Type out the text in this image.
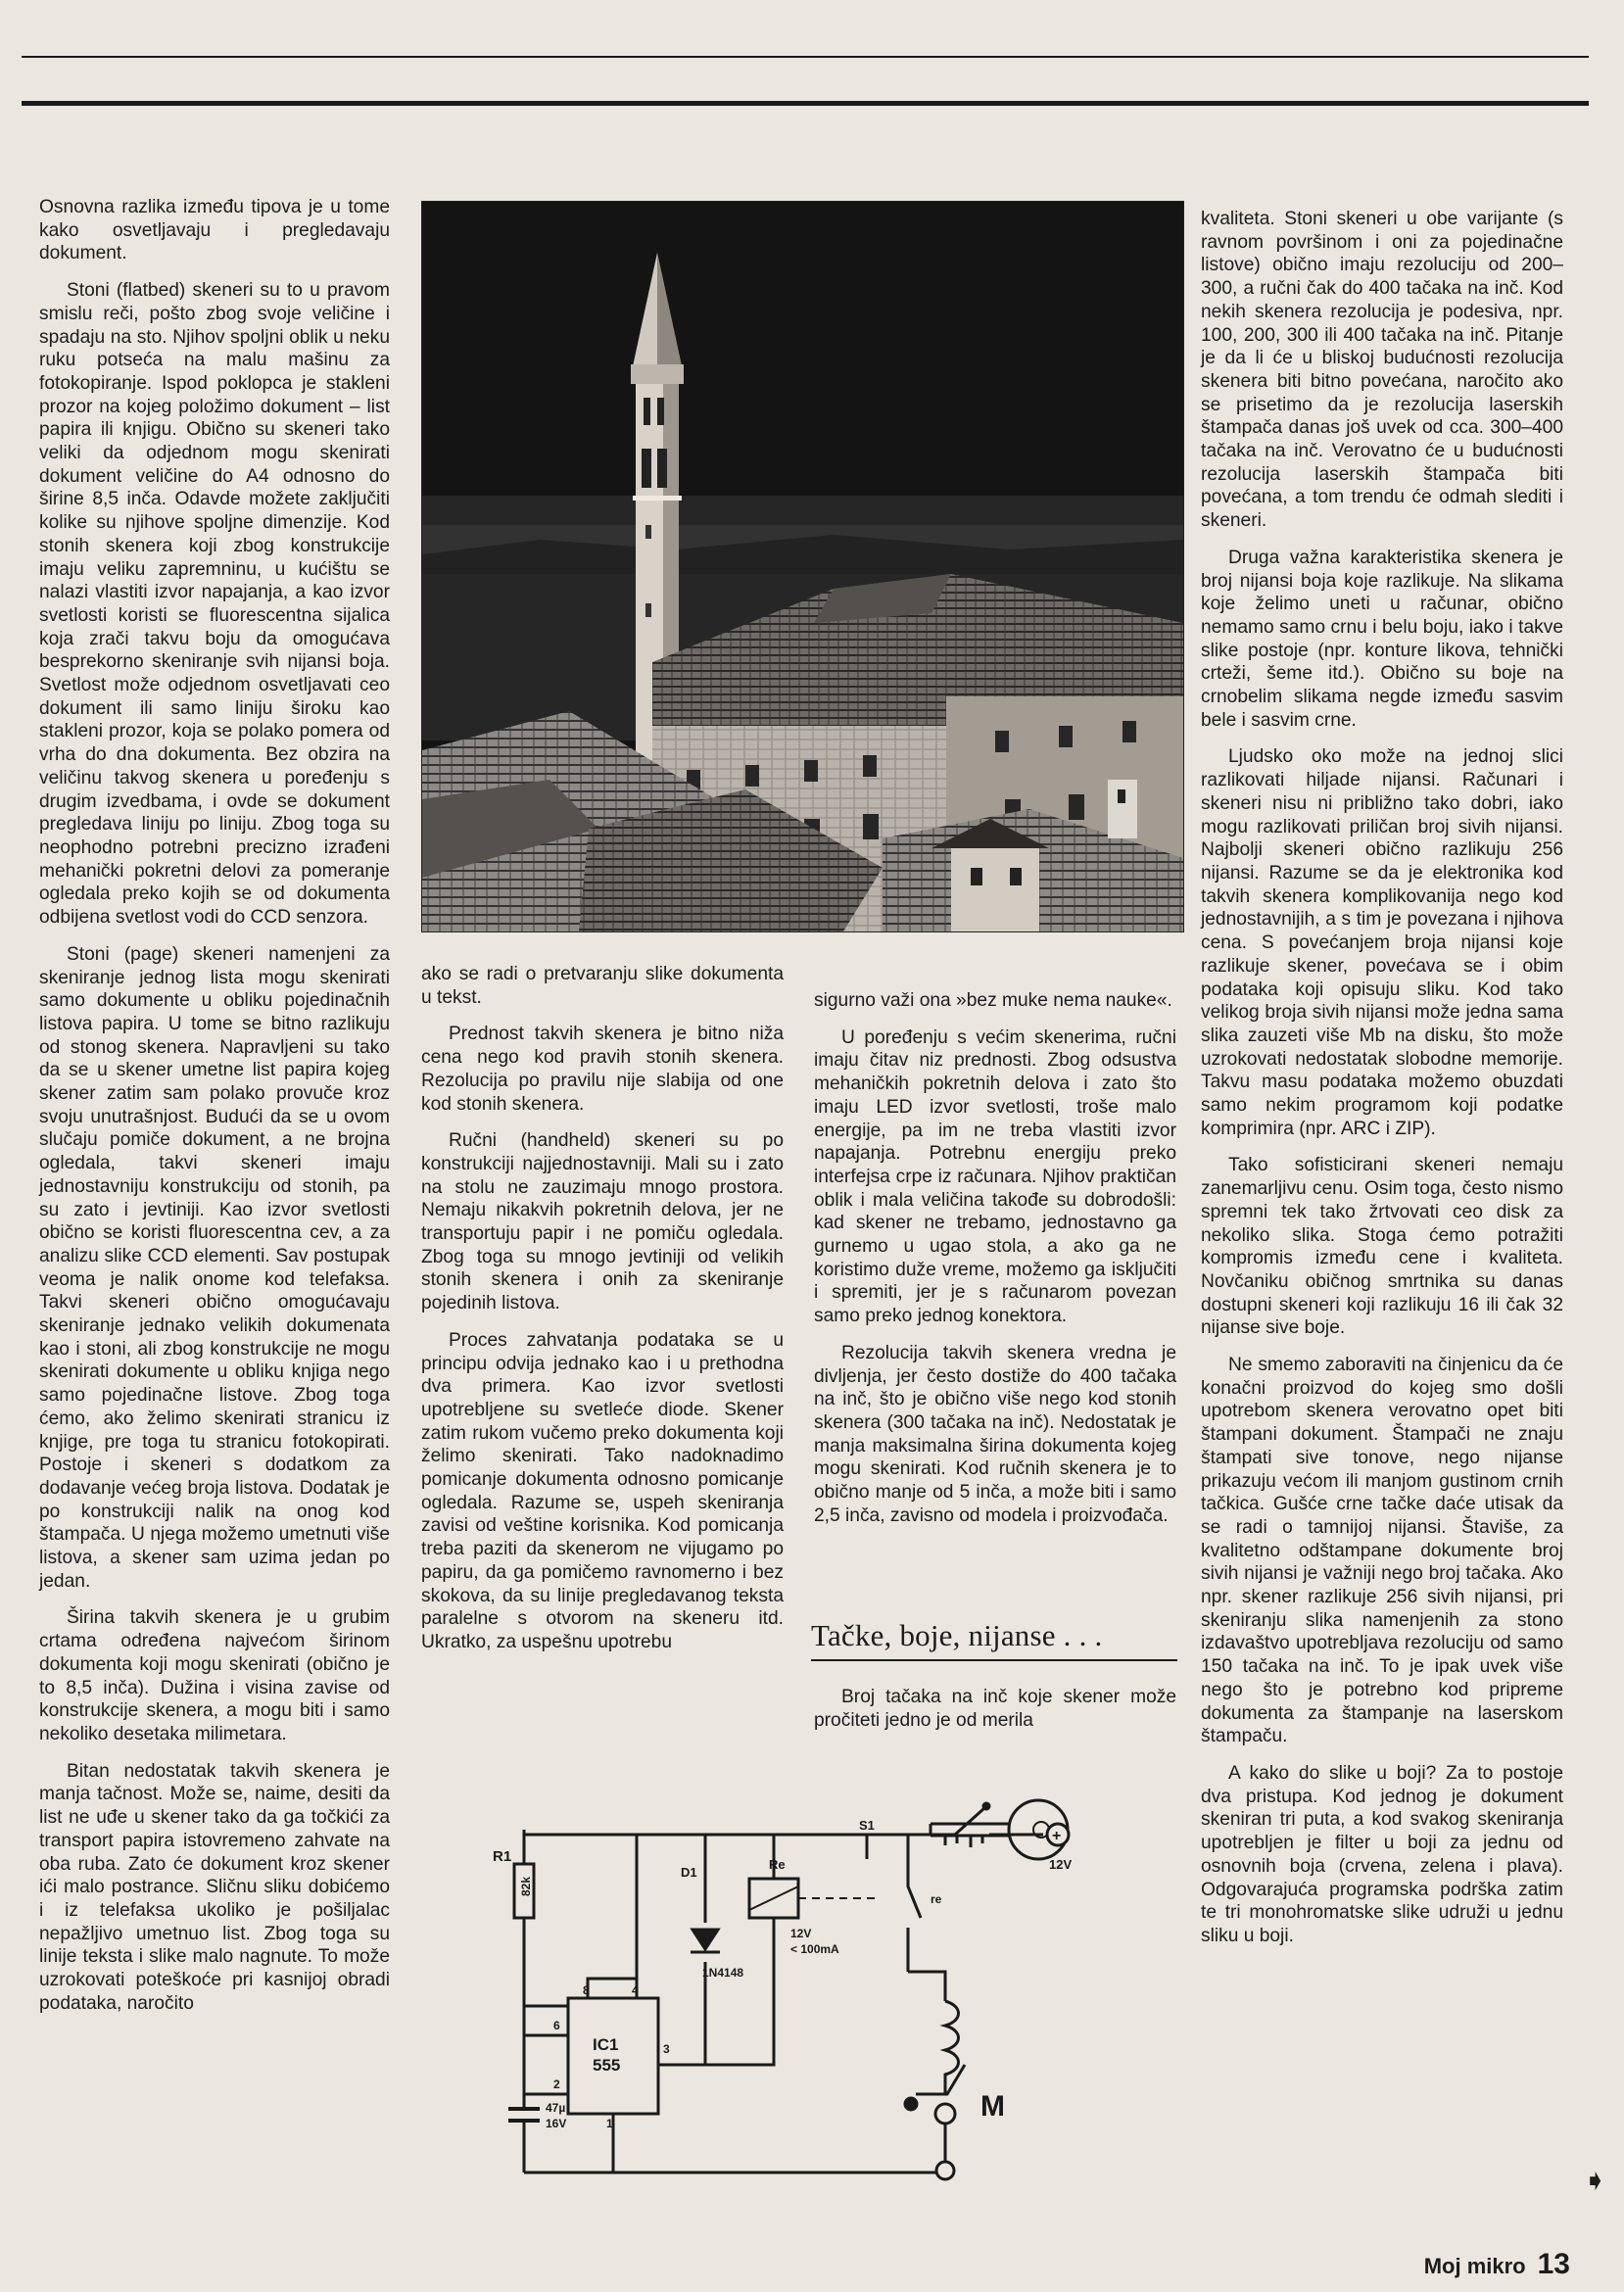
Osnovna razlika između tipova je u tome kako osvetljavaju i pregledavaju dokument.

Stoni (flatbed) skeneri su to u pravom smislu reči, pošto zbog svoje veličine i spadaju na sto. Njihov spoljni oblik u neku ruku potseća na malu mašinu za fotokopiranje. Ispod poklopca je stakleni prozor na kojeg položimo dokument – list papira ili knjigu. Obično su skeneri tako veliki da odjednom mogu skenirati dokument veličine do A4 odnosno do širine 8,5 inča. Odavde možete zaključiti kolike su njihove spoljne dimenzije. Kod stonih skenera koji zbog konstrukcije imaju veliku zapremninu, u kućištu se nalazi vlastiti izvor napajanja, a kao izvor svetlosti koristi se fluorescentna sijalica koja zrači takvu boju da omogućava besprekorno skeniranje svih nijansi boja. Svetlost može odjednom osvetljavati ceo dokument ili samo liniju široku kao stakleni prozor, koja se polako pomera od vrha do dna dokumenta. Bez obzira na veličinu takvog skenera u poređenju s drugim izvedbama, i ovde se dokument pregledava liniju po liniju. Zbog toga su neophodno potrebni precizno izrađeni mehanički pokretni delovi za pomeranje ogledala preko kojih se od dokumenta odbijena svetlost vodi do CCD senzora.

Stoni (page) skeneri namenjeni za skeniranje jednog lista mogu skenirati samo dokumente u obliku pojedinačnih listova papira. U tome se bitno razlikuju od stonog skenera. Napravljeni su tako da se u skener umetne list papira kojeg skener zatim sam polako provuče kroz svoju unutrašnjost. Budući da se u ovom slučaju pomiče dokument, a ne brojna ogledala, takvi skeneri imaju jednostavniju konstrukciju od stonih, pa su zato i jevtiniji. Kao izvor svetlosti obično se koristi fluorescentna cev, a za analizu slike CCD elementi. Sav postupak veoma je nalik onome kod telefaksa. Takvi skeneri obično omogućavaju skeniranje jednako velikih dokumenata kao i stoni, ali zbog konstrukcije ne mogu skenirati dokumente u obliku knjiga nego samo pojedinačne listove. Zbog toga ćemo, ako želimo skenirati stranicu iz knjige, pre toga tu stranicu fotokopirati. Postoje i skeneri s dodatkom za dodavanje većeg broja listova. Dodatak je po konstrukciji nalik na onog kod štampača. U njega možemo umetnuti više listova, a skener sam uzima jedan po jedan.

Širina takvih skenera je u grubim crtama određena najvećom širinom dokumenta koji mogu skenirati (obično je to 8,5 inča). Dužina i visina zavise od konstrukcije skenera, a mogu biti i samo nekoliko desetaka milimetara.

Bitan nedostatak takvih skenera je manja tačnost. Može se, naime, desiti da list ne uđe u skener tako da ga točkići za transport papira istovremeno zahvate na oba ruba. Zato će dokument kroz skener ići malo postrance. Sličnu sliku dobićemo i iz telefaksa ukoliko je pošiljalac nepažljivo umetnuo list. Zbog toga su linije teksta i slike malo nagnute. To može uzrokovati poteškoće pri kasnijoj obradi podataka, naročito

ako se radi o pretvaranju slike dokumenta u tekst.

Prednost takvih skenera je bitno niža cena nego kod pravih stonih skenera. Rezolucija po pravilu nije slabija od one kod stonih skenera.

Ručni (handheld) skeneri su po konstrukciji najjednostavniji. Mali su i zato na stolu ne zauzimaju mnogo prostora. Nemaju nikakvih pokretnih delova, jer ne transportuju papir i ne pomiču ogledala. Zbog toga su mnogo jevtiniji od velikih stonih skenera i onih za skeniranje pojedinih listova.

Proces zahvatanja podataka se u principu odvija jednako kao i u prethodna dva primera. Kao izvor svetlosti upotrebljene su svetleće diode. Skener zatim rukom vučemo preko dokumenta koji želimo skenirati. Tako nadoknadimo pomicanje dokumenta odnosno pomicanje ogledala. Razume se, uspeh skeniranja zavisi od veštine korisnika. Kod pomicanja treba paziti da skenerom ne vijugamo po papiru, da ga pomičemo ravnomerno i bez skokova, da su linije pregledavanog teksta paralelne s otvorom na skeneru itd. Ukratko, za uspešnu upotrebu

sigurno važi ona »bez muke nema nauke«.

U poređenju s većim skenerima, ručni imaju čitav niz prednosti. Zbog odsustva mehaničkih pokretnih delova i zato što imaju LED izvor svetlosti, troše malo energije, pa im ne treba vlastiti izvor napajanja. Potrebnu energiju preko interfejsa crpe iz računara. Njihov praktičan oblik i mala veličina takođe su dobrodošli: kad skener ne trebamo, jednostavno ga gurnemo u ugao stola, a ako ga ne koristimo duže vreme, možemo ga isključiti i spremiti, jer je s računarom povezan samo preko jednog konektora.

Rezolucija takvih skenera vredna je divljenja, jer često dostiže do 400 tačaka na inč, što je obično više nego kod stonih skenera (300 tačaka na inč). Nedostatak je manja maksimalna širina dokumenta kojeg mogu skenirati. Kod ručnih skenera je to obično manje od 5 inča, a može biti i samo 2,5 inča, zavisno od modela i proizvođača.

Tačke, boje, nijanse . . .

Broj tačaka na inč koje skener može pročiteti jedno je od merila

kvaliteta. Stoni skeneri u obe varijante (s ravnom površinom i oni za pojedinačne listove) obično imaju rezoluciju od 200–300, a ručni čak do 400 tačaka na inč. Kod nekih skenera rezolucija je podesiva, npr. 100, 200, 300 ili 400 tačaka na inč. Pitanje je da li će u bliskoj budućnosti rezolucija skenera biti bitno povećana, naročito ako se prisetimo da je rezolucija laserskih štampača danas još uvek od cca. 300–400 tačaka na inč. Verovatno će u budućnosti rezolucija laserskih štampača biti povećana, a tom trendu će odmah slediti i skeneri.

Druga važna karakteristika skenera je broj nijansi boja koje razlikuje. Na slikama koje želimo uneti u računar, obično nemamo samo crnu i belu boju, iako i takve slike postoje (npr. konture likova, tehnički crteži, šeme itd.). Obično su boje na crnobelim slikama negde između sasvim bele i sasvim crne.

Ljudsko oko može na jednoj slici razlikovati hiljade nijansi. Računari i skeneri nisu ni približno tako dobri, iako mogu razlikovati priličan broj sivih nijansi. Najbolji skeneri obično razlikuju 256 nijansi. Razume se da je elektronika kod takvih skenera komplikovanija nego kod jednostavnijih, a s tim je povezana i njihova cena. S povećanjem broja nijansi koje razlikuje skener, povećava se i obim podataka koji opisuju sliku. Kod tako velikog broja sivih nijansi može jedna sama slika zauzeti više Mb na disku, što može uzrokovati nedostatak slobodne memorije. Takvu masu podataka možemo obuzdati samo nekim programom koji podatke komprimira (npr. ARC i ZIP).

Tako sofisticirani skeneri nemaju zanemarljivu cenu. Osim toga, često nismo spremni tek tako žrtvovati ceo disk za nekoliko slika. Stoga ćemo potražiti kompromis između cene i kvaliteta. Novčaniku običnog smrtnika su danas dostupni skeneri koji razlikuju 16 ili čak 32 nijanse sive boje.

Ne smemo zaboraviti na činjenicu da će konačni proizvod do kojeg smo došli upotrebom skenera verovatno opet biti štampani dokument. Štampači ne znaju štampati sive tonove, nego nijanse prikazuju većom ili manjom gustinom crnih tačkica. Gušće crne tačke daće utisak da se radi o tamnijoj nijansi. Štaviše, za kvalitetno odštampane dokumente broj sivih nijansi je važniji nego broj tačaka. Ako npr. skener razlikuje 256 sivih nijansi, pri skeniranju slika namenjenih za stono izdavaštvo upotrebljava rezoluciju od samo 150 tačaka na inč. To je ipak uvek više nego što je potrebno kod pripreme dokumenta za štampanje na laserskom štampaču.

A kako do slike u boji? Za to postoje dva pristupa. Kod jednog je dokument skeniran tri puta, a kod svakog skeniranja upotrebljen je filter u boji za jednu od osnovnih boja (crvena, zelena i plava). Odgovarajuća programska podrška zatim te tri monohromatske slike udruži u jednu sliku u boji.

R1
82k
47µ
16V
IC1
555
8	4
6
2
3
1
D1
1N4148
Re
12V
< 100mA
S1
+
12V
re
M
➧
Moj mikro 13
